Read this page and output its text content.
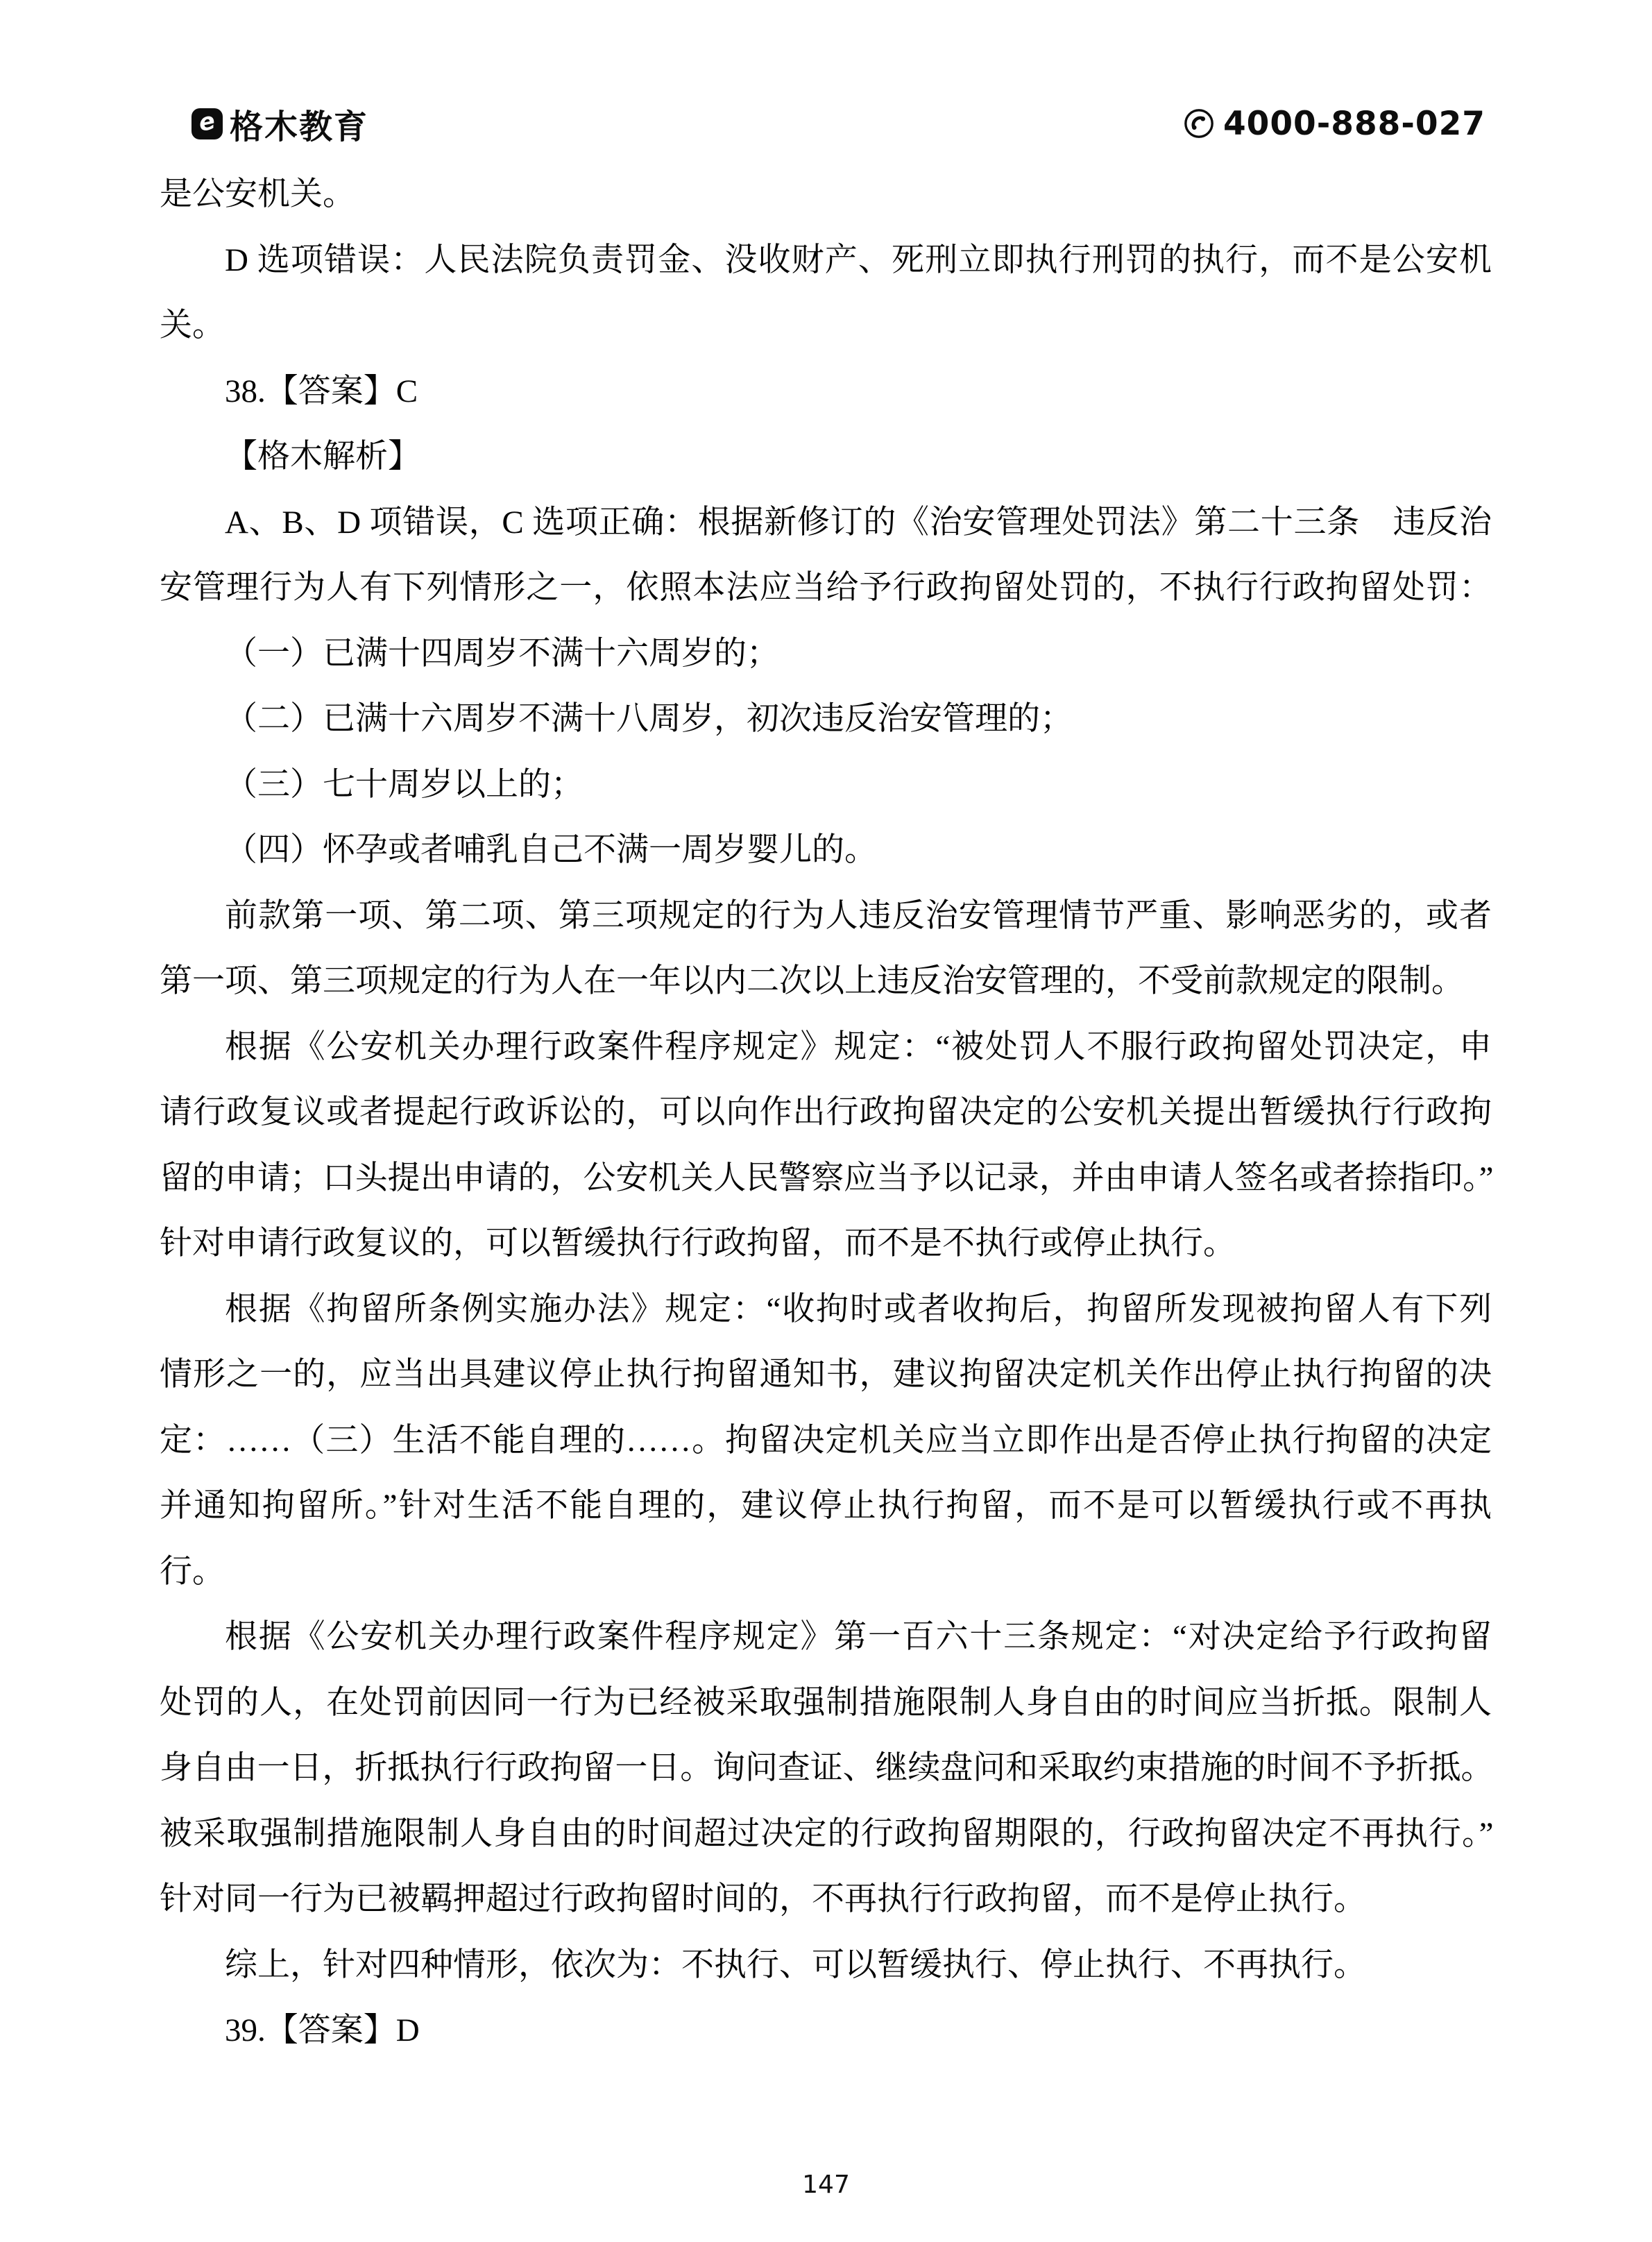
e 格木教育	4000-888-027
是公安机关。
D 选项错误：人民法院负责罚金、没收财产、死刑立即执行刑罚的执行，而不是公安机
关。
38.【答案】C
【格木解析】
A、B、D 项错误，C 选项正确：根据新修订的《治安管理处罚法》第二十三条　违反治
安管理行为人有下列情形之一，依照本法应当给予行政拘留处罚的，不执行行政拘留处罚：
（一）已满十四周岁不满十六周岁的；
（二）已满十六周岁不满十八周岁，初次违反治安管理的；
（三）七十周岁以上的；
（四）怀孕或者哺乳自己不满一周岁婴儿的。
前款第一项、第二项、第三项规定的行为人违反治安管理情节严重、影响恶劣的，或者
第一项、第三项规定的行为人在一年以内二次以上违反治安管理的，不受前款规定的限制。
根据《公安机关办理行政案件程序规定》规定：“被处罚人不服行政拘留处罚决定，申
请行政复议或者提起行政诉讼的，可以向作出行政拘留决定的公安机关提出暂缓执行行政拘
留的申请；口头提出申请的，公安机关人民警察应当予以记录，并由申请人签名或者捺指印。”
针对申请行政复议的，可以暂缓执行行政拘留，而不是不执行或停止执行。
根据《拘留所条例实施办法》规定：“收拘时或者收拘后，拘留所发现被拘留人有下列
情形之一的，应当出具建议停止执行拘留通知书，建议拘留决定机关作出停止执行拘留的决
定：……（三）生活不能自理的……。拘留决定机关应当立即作出是否停止执行拘留的决定
并通知拘留所。”针对生活不能自理的，建议停止执行拘留，而不是可以暂缓执行或不再执
行。
根据《公安机关办理行政案件程序规定》第一百六十三条规定：“对决定给予行政拘留
处罚的人，在处罚前因同一行为已经被采取强制措施限制人身自由的时间应当折抵。限制人
身自由一日，折抵执行行政拘留一日。询问查证、继续盘问和采取约束措施的时间不予折抵。
被采取强制措施限制人身自由的时间超过决定的行政拘留期限的，行政拘留决定不再执行。”
针对同一行为已被羁押超过行政拘留时间的，不再执行行政拘留，而不是停止执行。
综上，针对四种情形，依次为：不执行、可以暂缓执行、停止执行、不再执行。
39.【答案】D
147
